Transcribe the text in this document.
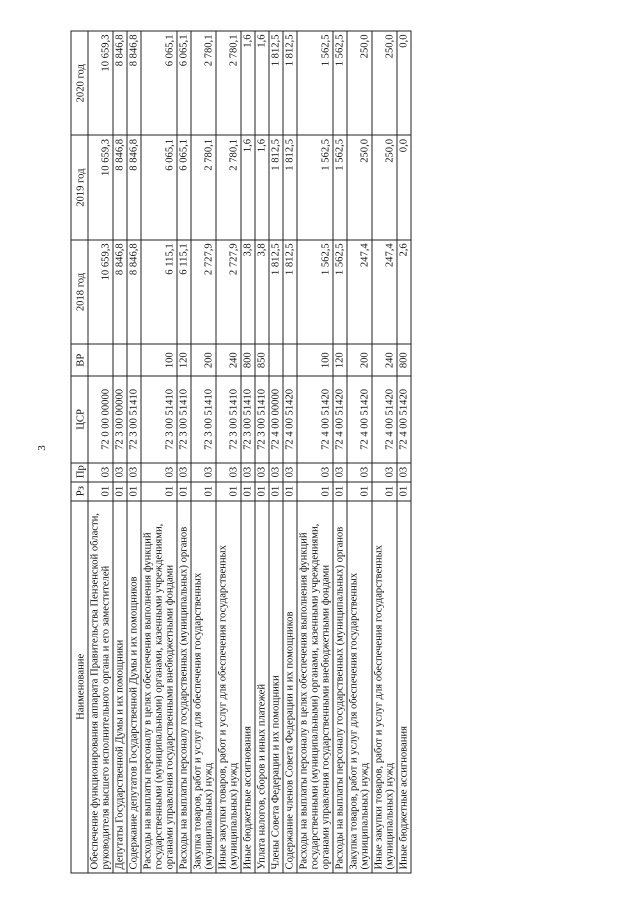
3
Наименование	Рз	Пр	ЦСР	ВР	2018 год	2019 год	2020 год
Обеспечение функционирования аппарата Правительства Пензенской области, руководителя высшего исполнительного органа и его заместителей	01	03	72 0 00 00000		10 659,3	10 659,3	10 659,3
Депутаты Государственной Думы и их помощники	01	03	72 3 00 00000		8 846,8	8 846,8	8 846,8
Содержание депутатов Государственной Думы и их помощников	01	03	72 3 00 51410		8 846,8	8 846,8	8 846,8
Расходы на выплаты персоналу в целях обеспечения выполнения функций государственными (муниципальными) органами, казенными учреждениями, органами управления государственными внебюджетными фондами	01	03	72 3 00 51410	100	6 115,1	6 065,1	6 065,1
Расходы на выплаты персоналу государственных (муниципальных) органов	01	03	72 3 00 51410	120	6 115,1	6 065,1	6 065,1
Закупка товаров, работ и услуг для обеспечения государственных (муниципальных) нужд	01	03	72 3 00 51410	200	2 727,9	2 780,1	2 780,1
Иные закупки товаров, работ и услуг для обеспечения государственных (муниципальных) нужд	01	03	72 3 00 51410	240	2 727,9	2 780,1	2 780,1
Иные бюджетные ассигнования	01	03	72 3 00 51410	800	3,8	1,6	1,6
Уплата налогов, сборов и иных платежей	01	03	72 3 00 51410	850	3,8	1,6	1,6
Члены Совета Федерации и их помощники	01	03	72 4 00 00000		1 812,5	1 812,5	1 812,5
Содержание членов Совета Федерации и их помощников	01	03	72 4 00 51420		1 812,5	1 812,5	1 812,5
Расходы на выплаты персоналу в целях обеспечения выполнения функций государственными (муниципальными) органами, казенными учреждениями, органами управления государственными внебюджетными фондами	01	03	72 4 00 51420	100	1 562,5	1 562,5	1 562,5
Расходы на выплаты персоналу государственных (муниципальных) органов	01	03	72 4 00 51420	120	1 562,5	1 562,5	1 562,5
Закупка товаров, работ и услуг для обеспечения государственных (муниципальных) нужд	01	03	72 4 00 51420	200	247,4	250,0	250,0
Иные закупки товаров, работ и услуг для обеспечения государственных (муниципальных) нужд	01	03	72 4 00 51420	240	247,4	250,0	250,0
Иные бюджетные ассигнования	01	03	72 4 00 51420	800	2,6	0,0	0,0
